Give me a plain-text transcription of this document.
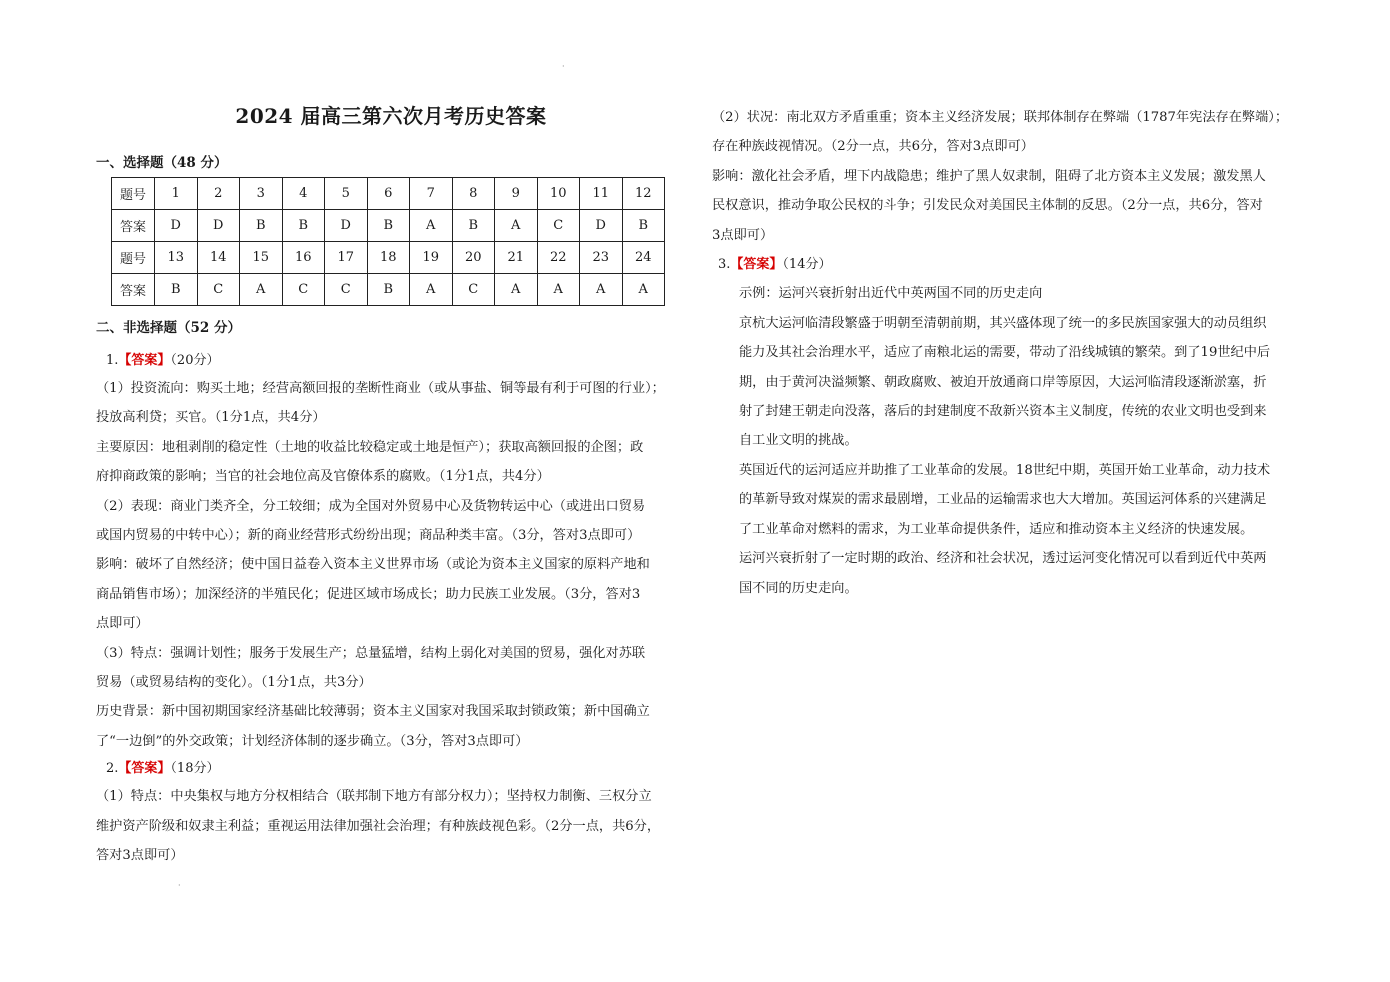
·
·
2024 届高三第六次月考历史答案
一、选择题（48 分）
题号	1	2	3	4	5	6	7	8	9	10	11	12
答案	D	D	B	B	D	B	A	B	A	C	D	B
题号	13	14	15	16	17	18	19	20	21	22	23	24
答案	B	C	A	C	C	B	A	C	A	A	A	A
二、非选择题（52 分）
1.【答案】（20分）

（1）投资流向：购买土地；经营高额回报的垄断性商业（或从事盐、铜等最有利于可图的行业）；

投放高利贷；买官。（1分1点，共4分）

主要原因：地租剥削的稳定性（土地的收益比较稳定或土地是恒产）；获取高额回报的企图；政

府抑商政策的影响；当官的社会地位高及官僚体系的腐败。（1分1点，共4分）

（2）表现：商业门类齐全，分工较细；成为全国对外贸易中心及货物转运中心（或进出口贸易

或国内贸易的中转中心）；新的商业经营形式纷纷出现；商品种类丰富。（3分，答对3点即可）

影响：破坏了自然经济；使中国日益卷入资本主义世界市场（或论为资本主义国家的原料产地和

商品销售市场）；加深经济的半殖民化；促进区域市场成长；助力民族工业发展。（3分，答对3

点即可）

（3）特点：强调计划性；服务于发展生产；总量猛增，结构上弱化对美国的贸易，强化对苏联

贸易（或贸易结构的变化）。（1分1点，共3分）

历史背景：新中国初期国家经济基础比较薄弱；资本主义国家对我国采取封锁政策；新中国确立

了“一边倒”的外交政策；计划经济体制的逐步确立。（3分，答对3点即可）

2.【答案】（18分）

（1）特点：中央集权与地方分权相结合（联邦制下地方有部分权力）；坚持权力制衡、三权分立

维护资产阶级和奴隶主利益；重视运用法律加强社会治理；有种族歧视色彩。（2分一点，共6分，

答对3点即可）

（2）状况：南北双方矛盾重重；资本主义经济发展；联邦体制存在弊端（1787年宪法存在弊端）；

存在种族歧视情况。（2分一点，共6分，答对3点即可）

影响：激化社会矛盾，埋下内战隐患；维护了黑人奴隶制，阻碍了北方资本主义发展；激发黑人

民权意识，推动争取公民权的斗争；引发民众对美国民主体制的反思。（2分一点，共6分，答对

3点即可）

3.【答案】（14分）

示例：运河兴衰折射出近代中英两国不同的历史走向

京杭大运河临清段繁盛于明朝至清朝前期，其兴盛体现了统一的多民族国家强大的动员组织

能力及其社会治理水平，适应了南粮北运的需要，带动了沿线城镇的繁荣。到了19世纪中后

期，由于黄河决溢频繁、朝政腐败、被迫开放通商口岸等原因，大运河临清段逐渐淤塞，折

射了封建王朝走向没落，落后的封建制度不敌新兴资本主义制度，传统的农业文明也受到来

自工业文明的挑战。

英国近代的运河适应并助推了工业革命的发展。18世纪中期，英国开始工业革命，动力技术

的革新导致对煤炭的需求最剧增，工业品的运输需求也大大增加。英国运河体系的兴建满足

了工业革命对燃料的需求，为工业革命提供条件，适应和推动资本主义经济的快速发展。

运河兴衰折射了一定时期的政治、经济和社会状况，透过运河变化情况可以看到近代中英两

国不同的历史走向。
